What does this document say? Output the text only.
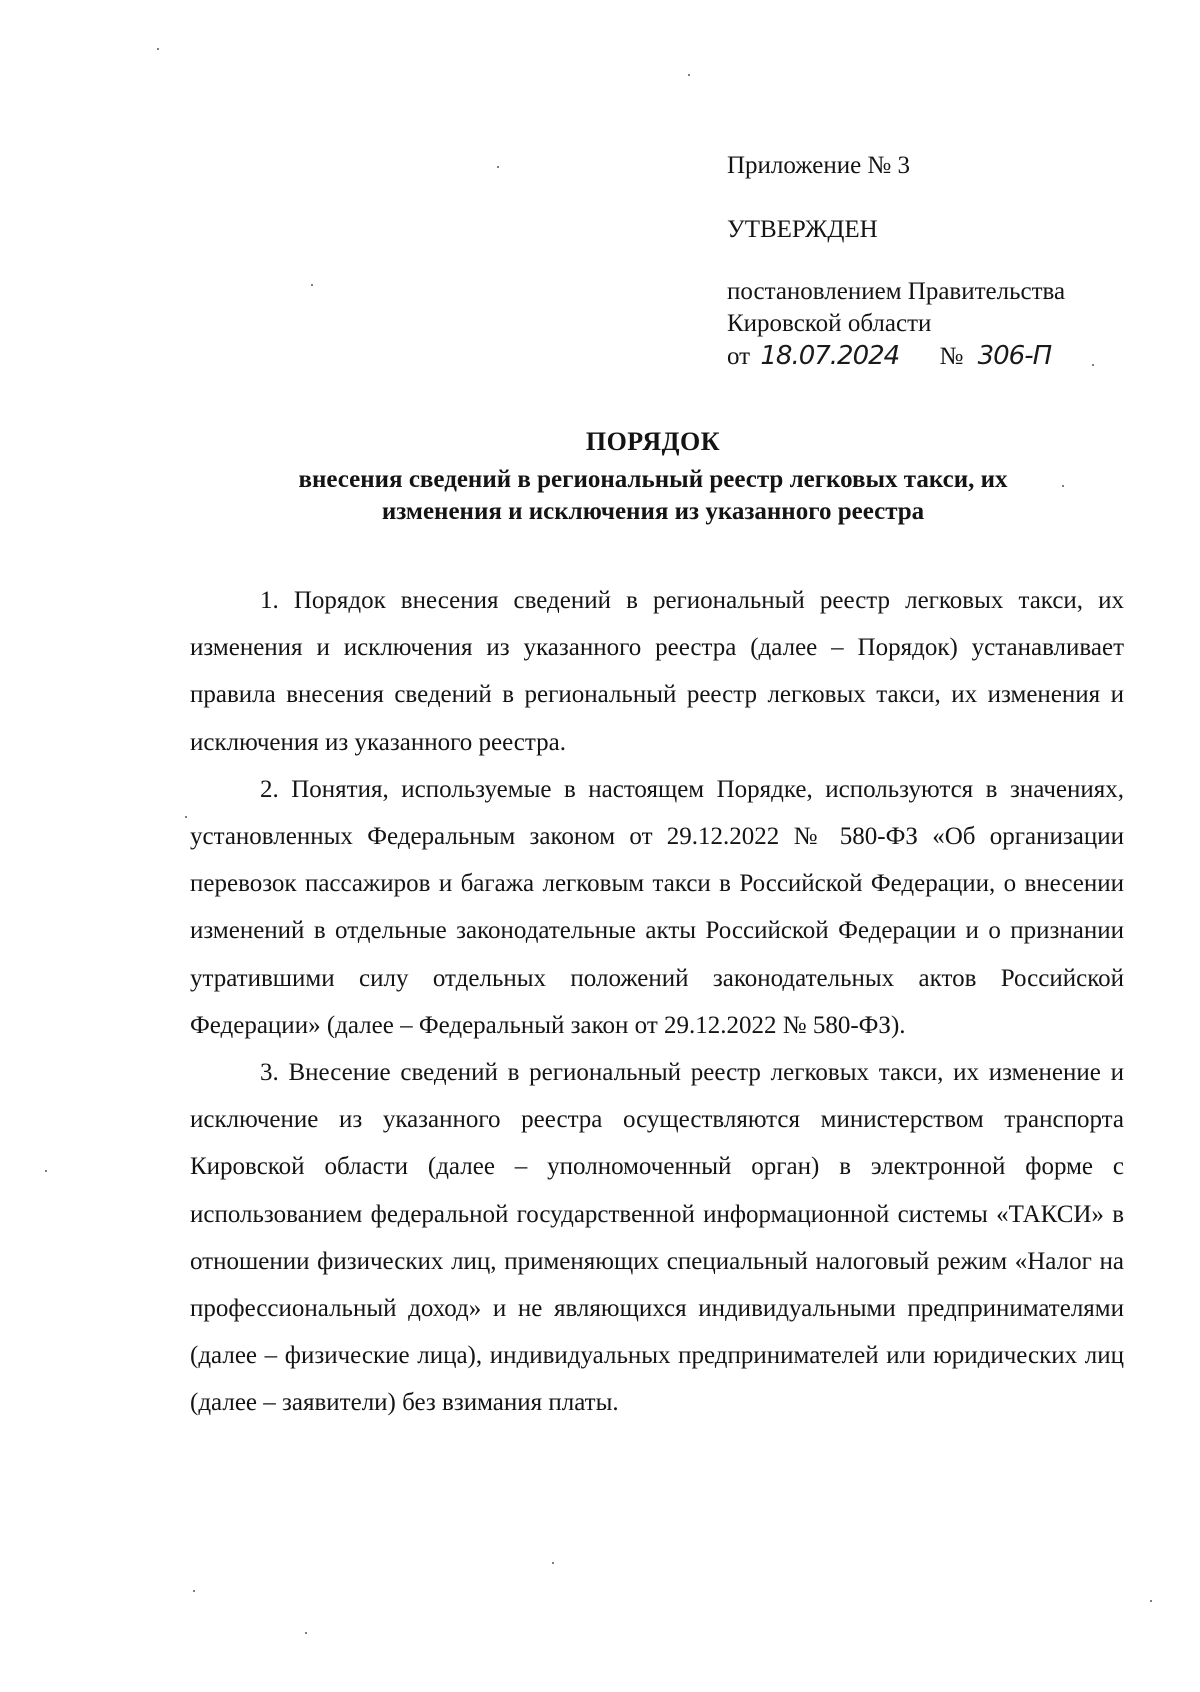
Приложение № 3
УТВЕРЖДЕН
постановлением Правительства
Кировской области
от 18.07.2024 № 306-П
ПОРЯДОК
внесения сведений в региональный реестр легковых такси, их
изменения и исключения из указанного реестра

1. Порядок внесения сведений в региональный реестр легковых такси, их изменения и исключения из указанного реестра (далее – Порядок) устанавливает правила внесения сведений в региональный реестр легковых такси, их изменения и исключения из указанного реестра.

2. Понятия, используемые в настоящем Порядке, используются в значениях, установленных Федеральным законом от 29.12.2022 № 580-ФЗ «Об организации перевозок пассажиров и багажа легковым такси в Российской Федерации, о внесении изменений в отдельные законодательные акты Российской Федерации и о признании утратившими силу отдельных положений законодательных актов Российской Федерации» (далее – Федеральный закон от 29.12.2022 № 580-ФЗ).

3. Внесение сведений в региональный реестр легковых такси, их изменение и исключение из указанного реестра осуществляются министерством транспорта Кировской области (далее – уполномоченный орган) в электронной форме с использованием федеральной государственной информационной системы «ТАКСИ» в отношении физических лиц, применяющих специальный налоговый режим «Налог на профессиональный доход» и не являющихся индивидуальными предпринимателями (далее – физические лица), индивидуальных предпринимателей или юридических лиц (далее – заявители) без взимания платы.
